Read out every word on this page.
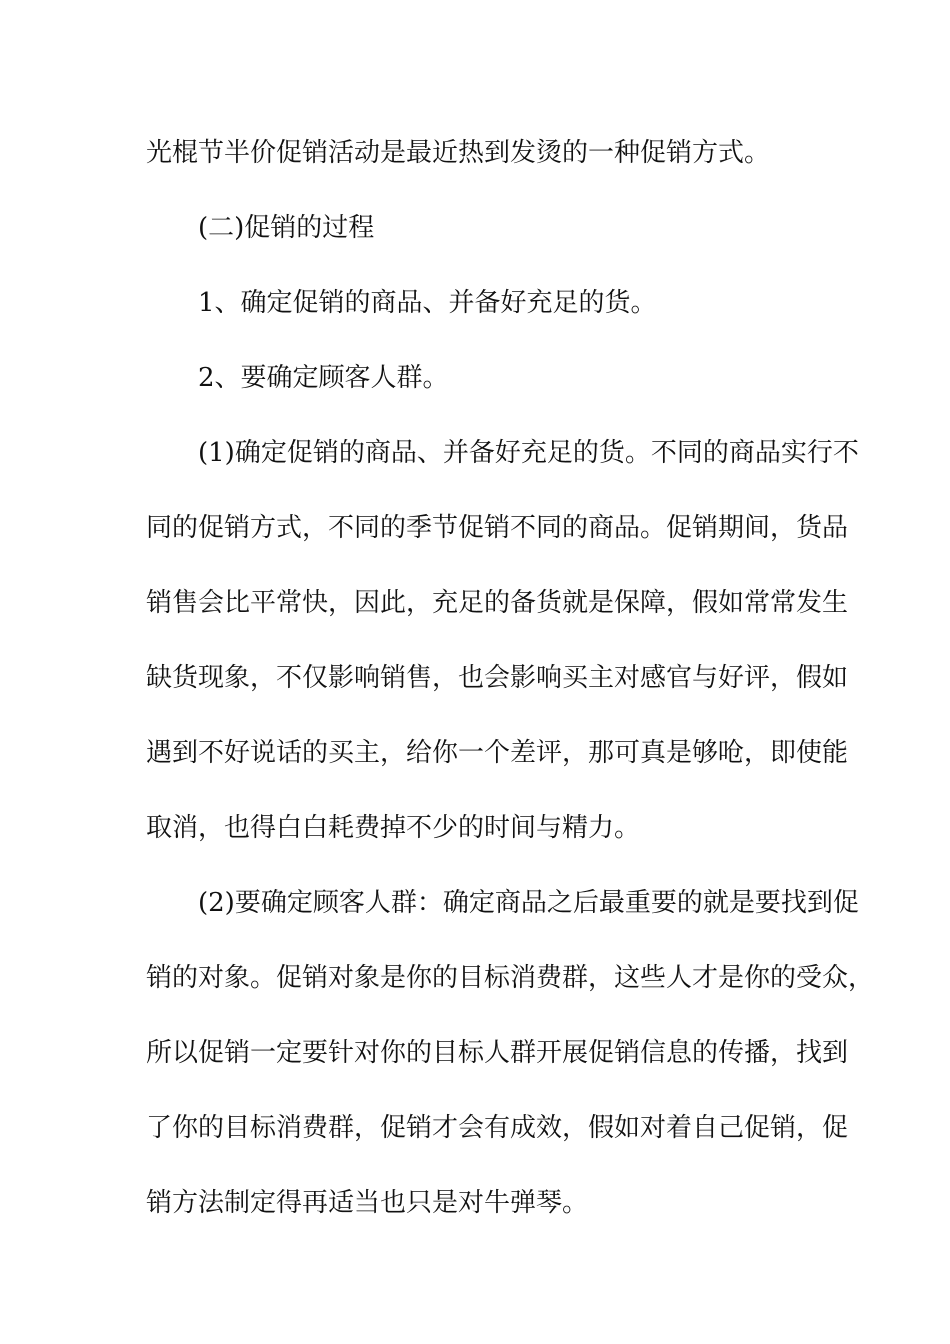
光棍节半价促销活动是最近热到发烫的一种促销方式。
(二)促销的过程
1、确定促销的商品、并备好充足的货。
2、要确定顾客人群。
(1)确定促销的商品、并备好充足的货。不同的商品实行不
同的促销方式，不同的季节促销不同的商品。促销期间，货品
销售会比平常快，因此，充足的备货就是保障，假如常常发生
缺货现象，不仅影响销售，也会影响买主对感官与好评，假如
遇到不好说话的买主，给你一个差评，那可真是够呛，即使能
取消，也得白白耗费掉不少的时间与精力。
(2)要确定顾客人群：确定商品之后最重要的就是要找到促
销的对象。促销对象是你的目标消费群，这些人才是你的受众，
所以促销一定要针对你的目标人群开展促销信息的传播，找到
了你的目标消费群，促销才会有成效，假如对着自己促销，促
销方法制定得再适当也只是对牛弹琴。
